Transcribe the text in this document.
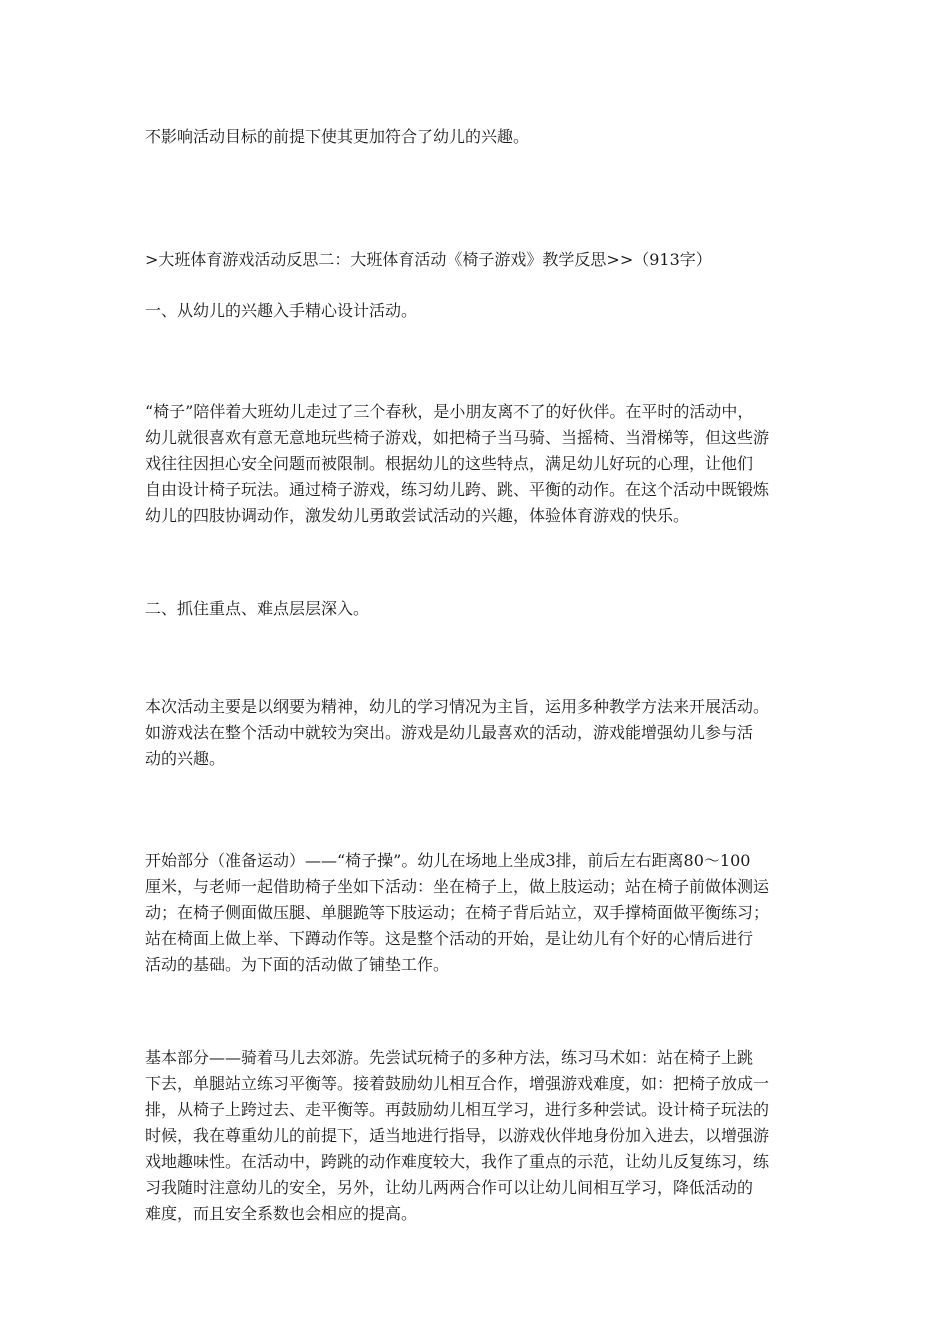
不影响活动目标的前提下使其更加符合了幼儿的兴趣。

>大班体育游戏活动反思二：大班体育活动《椅子游戏》教学反思>>（913字）

一、从幼儿的兴趣入手精心设计活动。

“椅子”陪伴着大班幼儿走过了三个春秋，是小朋友离不了的好伙伴。在平时的活动中，
幼儿就很喜欢有意无意地玩些椅子游戏，如把椅子当马骑、当摇椅、当滑梯等，但这些游
戏往往因担心安全问题而被限制。根据幼儿的这些特点，满足幼儿好玩的心理，让他们
自由设计椅子玩法。通过椅子游戏，练习幼儿跨、跳、平衡的动作。在这个活动中既锻炼
幼儿的四肢协调动作，激发幼儿勇敢尝试活动的兴趣，体验体育游戏的快乐。

二、抓住重点、难点层层深入。

本次活动主要是以纲要为精神，幼儿的学习情况为主旨，运用多种教学方法来开展活动。
如游戏法在整个活动中就较为突出。游戏是幼儿最喜欢的活动，游戏能增强幼儿参与活
动的兴趣。

开始部分（准备运动）——“椅子操”。幼儿在场地上坐成3排，前后左右距离80～100
厘米，与老师一起借助椅子坐如下活动：坐在椅子上，做上肢运动；站在椅子前做体测运
动；在椅子侧面做压腿、单腿跪等下肢运动；在椅子背后站立，双手撑椅面做平衡练习；
站在椅面上做上举、下蹲动作等。这是整个活动的开始，是让幼儿有个好的心情后进行
活动的基础。为下面的活动做了铺垫工作。

基本部分——骑着马儿去郊游。先尝试玩椅子的多种方法，练习马术如：站在椅子上跳
下去，单腿站立练习平衡等。接着鼓励幼儿相互合作，增强游戏难度，如：把椅子放成一
排，从椅子上跨过去、走平衡等。再鼓励幼儿相互学习，进行多种尝试。设计椅子玩法的
时候，我在尊重幼儿的前提下，适当地进行指导，以游戏伙伴地身份加入进去，以增强游
戏地趣味性。在活动中，跨跳的动作难度较大，我作了重点的示范，让幼儿反复练习，练
习我随时注意幼儿的安全，另外，让幼儿两两合作可以让幼儿间相互学习，降低活动的
难度，而且安全系数也会相应的提高。
